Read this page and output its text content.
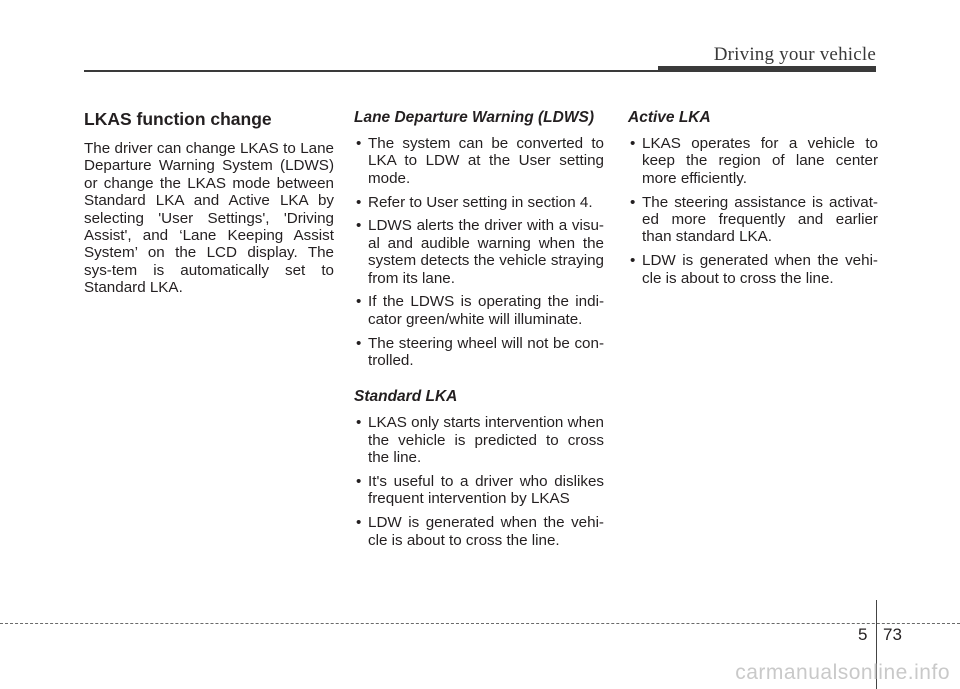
Driving your vehicle
LKAS function change

The driver can change LKAS to Lane Departure Warning System (LDWS) or change the LKAS mode between Standard LKA and Active LKA by selecting 'User Settings', 'Driving Assist', and ‘Lane Keeping Assist System’ on the LCD display. The sys-tem is automatically set to Standard LKA.

Lane Departure Warning (LDWS)
• The system can be converted to LKA to LDW at the User setting mode.
• Refer to User setting in section 4.
• LDWS alerts the driver with a visu-al and audible warning when the system detects the vehicle straying from its lane.
• If the LDWS is operating the indi-cator green/white will illuminate.
• The steering wheel will not be con-trolled.
Standard LKA
• LKAS only starts intervention when the vehicle is predicted to cross the line.
• It's useful to a driver who dislikes frequent intervention by LKAS
• LDW is generated when the vehi-cle is about to cross the line.
Active LKA
• LKAS operates for a vehicle to keep the region of lane center more efficiently.
• The steering assistance is activat-ed more frequently and earlier than standard LKA.
• LDW is generated when the vehi-cle is about to cross the line.
5 73
carmanualsonline.info
